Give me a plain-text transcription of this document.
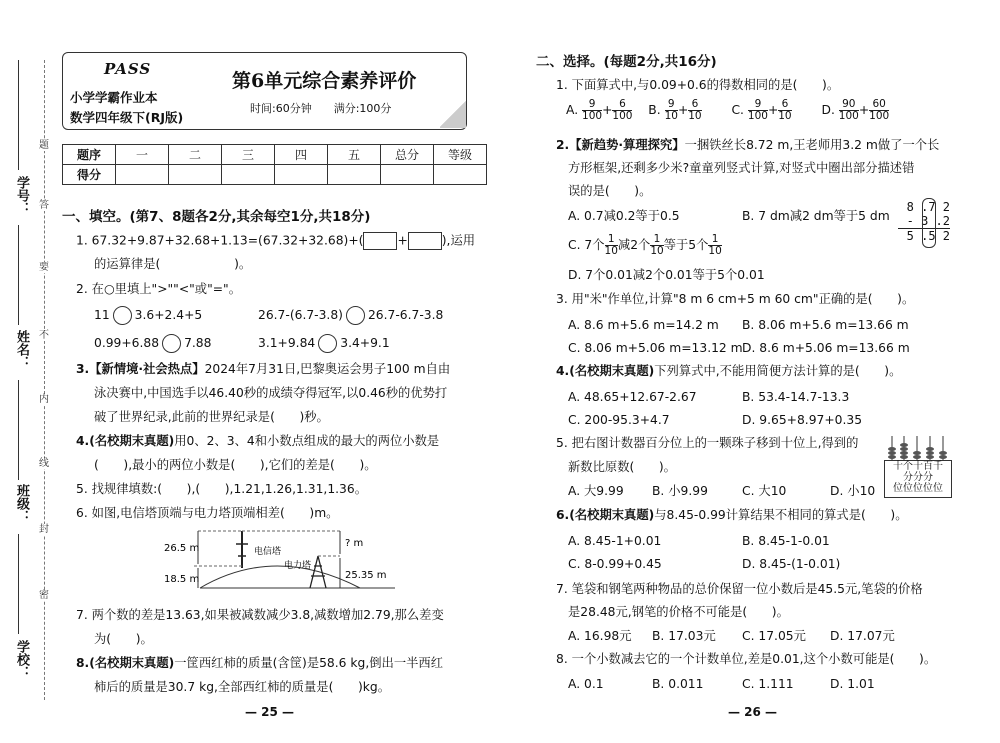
题
答
要
不
内
线
封
密
学号：
姓名：
班级：
学校：
PASS
小学学霸作业本
数学四年级下(RJ版)
第6单元综合素养评价
时间:60分钟   满分:100分
题序	一	二	三	四	五	总分	等级
得分							
一、填空。(第7、8题各2分,其余每空1分,共18分)
1. 67.32+9.87+32.68+1.13=(67.32+32.68)+(	+	),运用
的运算律是(　　　　　　)。
2. 在○里填上">""<"或"="。
11 3.6+2.4+5	26.7-(6.7-3.8) 26.7-6.7-3.8
0.99+6.88 7.88	3.1+9.84 3.4+9.1
3.【新情境·社会热点】2024年7月31日,巴黎奥运会男子100 m自由
泳决赛中,中国选手以46.40秒的成绩夺得冠军,以0.46秒的优势打
破了世界纪录,此前的世界纪录是(　　)秒。
4.(名校期末真题)用0、2、3、4和小数点组成的最大的两位小数是
(　　),最小的两位小数是(　　),它们的差是(　　)。
5. 找规律填数:(　　),(　　),1.21,1.26,1.31,1.36。
6. 如图,电信塔顶端与电力塔顶端相差(　　)m。
26.5 m
18.5 m
电信塔
电力塔
? m
25.35 m
7. 两个数的差是13.63,如果被减数减少3.8,减数增加2.79,那么差变
为(　　)。
8.(名校期末真题)一筐西红柿的质量(含筐)是58.6 kg,倒出一半西红
柿后的质量是30.7 kg,全部西红柿的质量是(　　)kg。
— 25 —
二、选择。(每题2分,共16分)
1. 下面算式中,与0.09+0.6的得数相同的是(　　)。
A. $\frac{9}{100} + \frac{6}{100} B$. $\frac{9}{10} + \frac{6}{10} C$. $\frac{9}{100} + \frac{6}{10} D$. $\frac{90}{100} + \frac{60}{100}$
2.【新趋势·算理探究】一捆铁丝长8.72 m,王老师用3.2 m做了一个长
方形框架,还剩多少米?童童列竖式计算,对竖式中圈出部分描述错
误的是(　　)。
A. 0.7减0.2等于0.5	B. 7 dm减2 dm等于5 dm
C. 7个 $\frac{1}{10}$ 减2个 $\frac{1}{10}$ 等于5个 $\frac{1}{10}$
D. 7个0.01减2个0.01等于5个0.01
8 .7 2
- 3 .2
5 .5 2
3. 用"米"作单位,计算"8 m 6 cm+5 m 60 cm"正确的是(　　)。
A. 8.6 m+5.6 m=14.2 m B. 8.06 m+5.6 m=13.66 m
C. 8.06 m+5.06 m=13.12 m D. 8.6 m+5.06 m=13.66 m
4.(名校期末真题)下列算式中,不能用简便方法计算的是(　　)。
A. 48.65+12.67-2.67	B. 53.4-14.7-13.3
C. 200-95.3+4.7	D. 9.65+8.97+0.35
5. 把右图计数器百分位上的一颗珠子移到十位上,得到的
新数比原数(　　)。
A. 大9.99 B. 小9.99	C. 大10	D. 小10
十个十百千
分分分
位位位位位
6.(名校期末真题)与8.45-0.99计算结果不相同的算式是(　　)。
A. 8.45-1+0.01	B. 8.45-1-0.01
C. 8-0.99+0.45	D. 8.45-(1-0.01)
7. 笔袋和钢笔两种物品的总价保留一位小数后是45.5元,笔袋的价格
是28.48元,钢笔的价格不可能是(　　)。
A. 16.98元 B. 17.03元 C. 17.05元 D. 17.07元
8. 一个小数减去它的一个计数单位,差是0.01,这个小数可能是(　　)。
A. 0.1	B. 0.011	C. 1.111	D. 1.01
— 26 —
